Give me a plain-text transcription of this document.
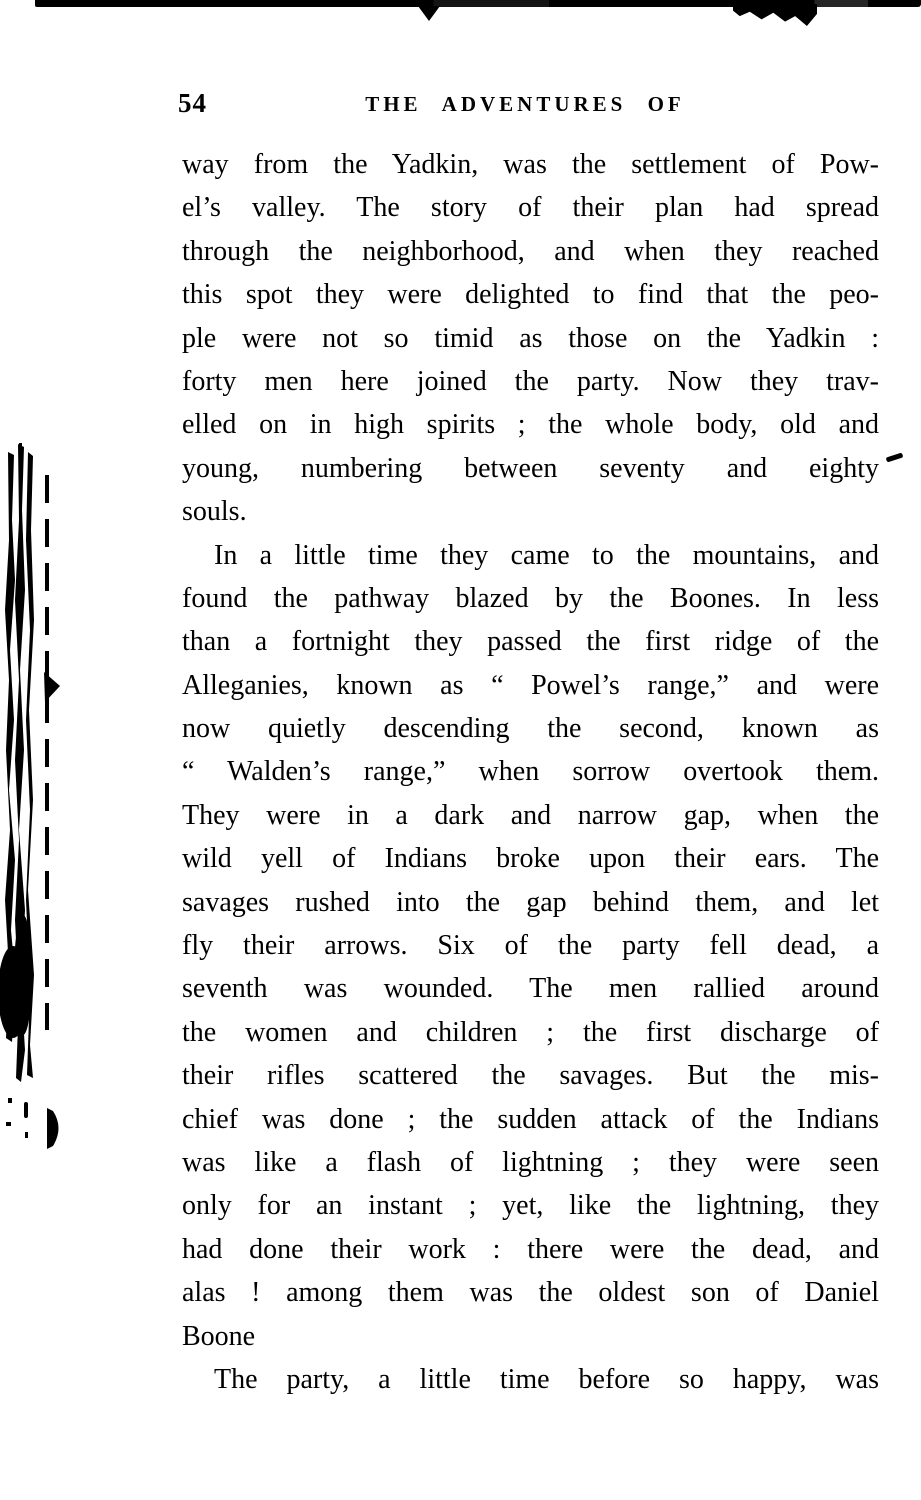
54	THE ADVENTURES OF
way from the Yadkin, was the settlement of Pow-
el’s valley. The story of their plan had spread
through the neighborhood, and when they reached
this spot they were delighted to find that the peo-
ple were not so timid as those on the Yadkin :
forty men here joined the party. Now they trav-
elled on in high spirits ; the whole body, old and
young, numbering between seventy and eighty
souls.
In a little time they came to the mountains, and
found the pathway blazed by the Boones. In less
than a fortnight they passed the first ridge of the
Alleganies, known as “ Powel’s range,” and were
now quietly descending the second, known as
“ Walden’s range,” when sorrow overtook them.
They were in a dark and narrow gap, when the
wild yell of Indians broke upon their ears. The
savages rushed into the gap behind them, and let
fly their arrows. Six of the party fell dead, a
seventh was wounded. The men rallied around
the women and children ; the first discharge of
their rifles scattered the savages. But the mis-
chief was done ; the sudden attack of the Indians
was like a flash of lightning ; they were seen
only for an instant ; yet, like the lightning, they
had done their work : there were the dead, and
alas ! among them was the oldest son of Daniel
Boone
The party, a little time before so happy, was
